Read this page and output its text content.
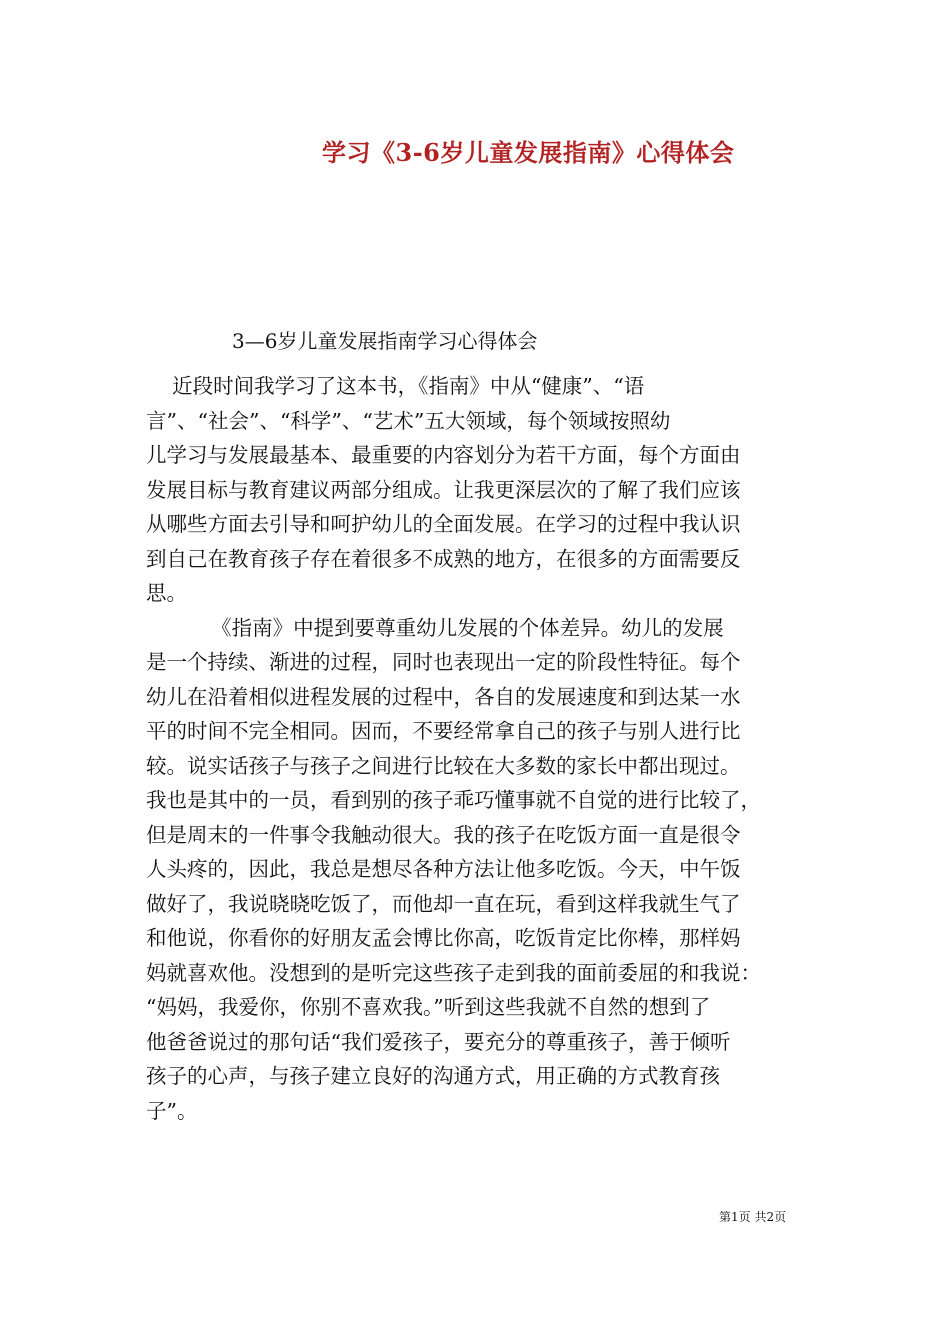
学习《3-6岁儿童发展指南》心得体会
3—6岁儿童发展指南学习心得体会
近段时间我学习了这本书，《指南》中从“健康”、“语
言”、“社会”、“科学”、“艺术”五大领域，每个领域按照幼
儿学习与发展最基本、最重要的内容划分为若干方面，每个方面由
发展目标与教育建议两部分组成。让我更深层次的了解了我们应该
从哪些方面去引导和呵护幼儿的全面发展。在学习的过程中我认识
到自己在教育孩子存在着很多不成熟的地方，在很多的方面需要反
思。
《指南》中提到要尊重幼儿发展的个体差异。幼儿的发展
是一个持续、渐进的过程，同时也表现出一定的阶段性特征。每个
幼儿在沿着相似进程发展的过程中，各自的发展速度和到达某一水
平的时间不完全相同。因而，不要经常拿自己的孩子与别人进行比
较。说实话孩子与孩子之间进行比较在大多数的家长中都出现过。
我也是其中的一员，看到别的孩子乖巧懂事就不自觉的进行比较了，
但是周末的一件事令我触动很大。我的孩子在吃饭方面一直是很令
人头疼的，因此，我总是想尽各种方法让他多吃饭。今天，中午饭
做好了，我说晓晓吃饭了，而他却一直在玩，看到这样我就生气了
和他说，你看你的好朋友孟会博比你高，吃饭肯定比你棒，那样妈
妈就喜欢他。没想到的是听完这些孩子走到我的面前委屈的和我说：
“妈妈，我爱你，你别不喜欢我。”听到这些我就不自然的想到了
他爸爸说过的那句话“我们爱孩子，要充分的尊重孩子，善于倾听
孩子的心声，与孩子建立良好的沟通方式，用正确的方式教育孩
子”。
第1页 共2页
